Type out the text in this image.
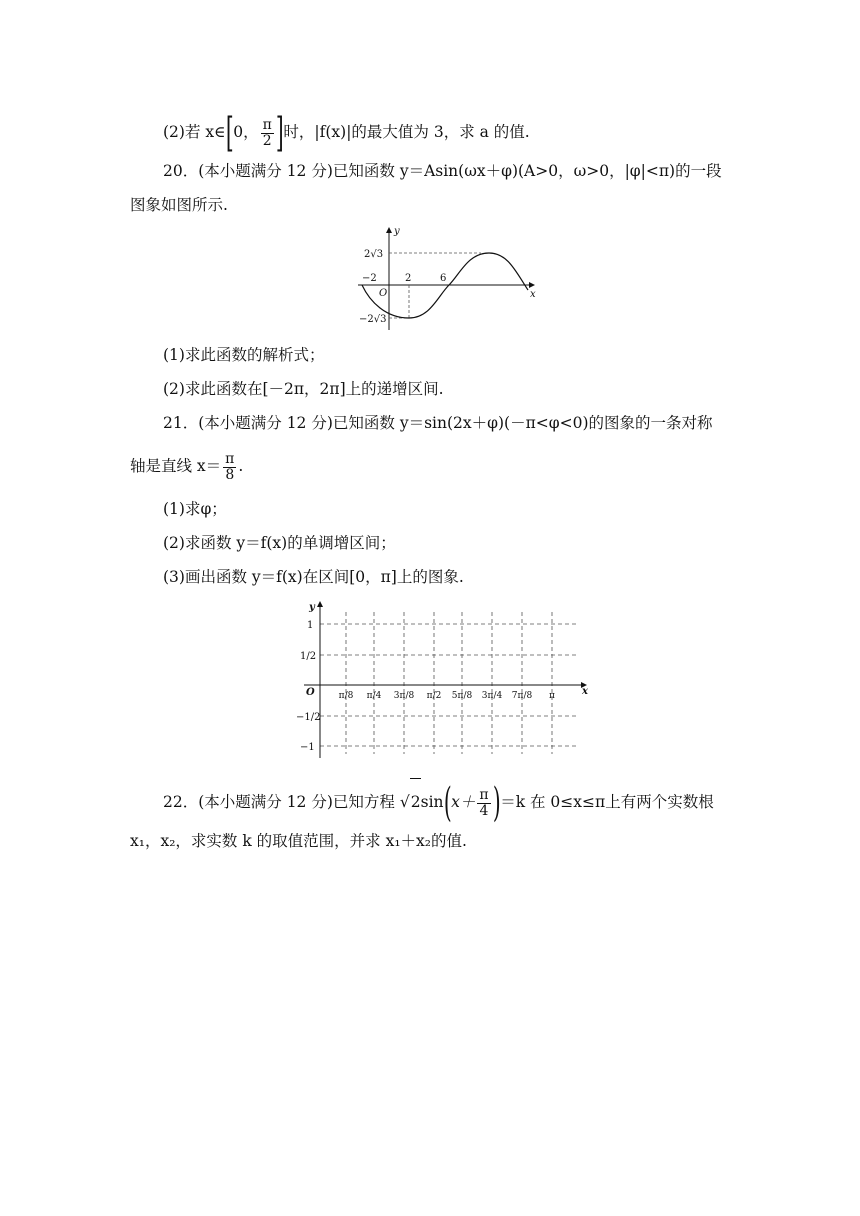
(2)若 x∈[0， $\frac{\pi}{2}$ ]时，|f(x)|的最大值为 3，求 a 的值.
20．(本小题满分 12 分)已知函数 y＝Asin(ωx＋φ)(A>0，ω>0，|φ|<π)的一段
图象如图所示.
y
x
O
2√3
−2√3
−2	2	6
(1)求此函数的解析式；
(2)求此函数在[－2π，2π]上的递增区间.
21．(本小题满分 12 分)已知函数 y＝sin(2x＋φ)(－π<φ<0)的图象的一条对称
轴是直线 $x= \frac{\pi}{8}$ .
(1)求φ；
(2)求函数 y＝f(x)的单调增区间；
(3)画出函数 y＝f(x)在区间[0，π]上的图象.
y
x
O
1
1/2
−1/2
−1
π/8 π/4 3π/8 π/2 5π/8 3π/4 7π/8 π
22．(本小题满分 12 分)已知方程 $√2\sin(x+ \frac{\pi}{4} )=k$ 在 0≤x≤π上有两个实数根
x₁，x₂，求实数 k 的取值范围，并求 x₁＋x₂的值.
